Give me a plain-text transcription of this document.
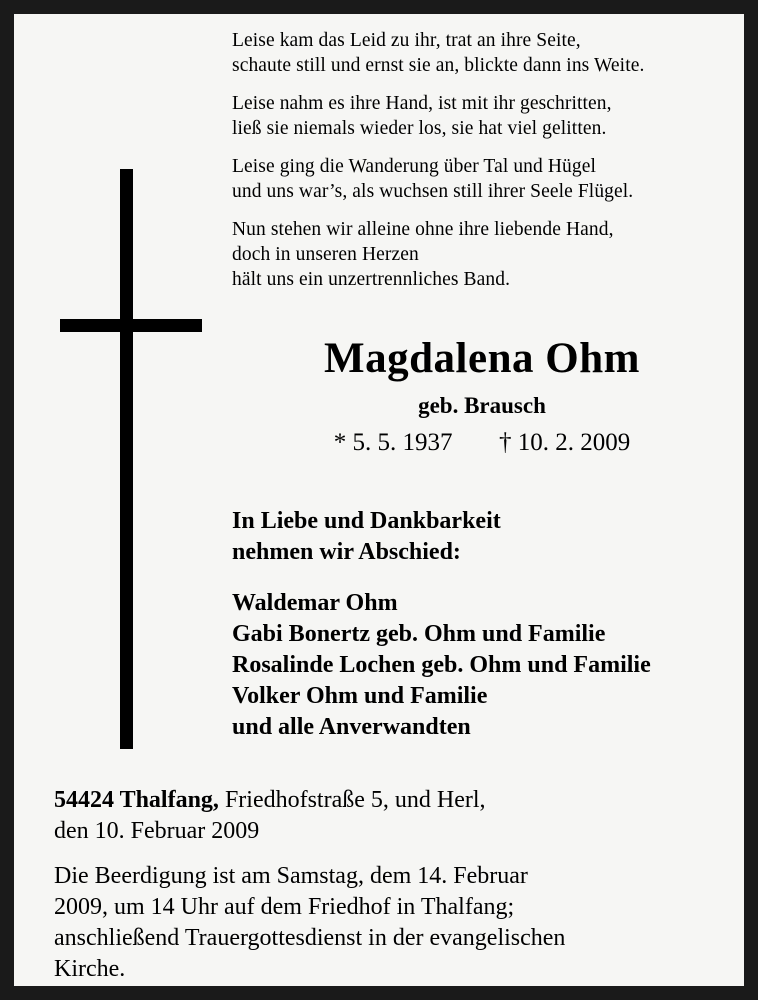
Leise kam das Leid zu ihr, trat an ihre Seite,
schaute still und ernst sie an, blickte dann ins Weite.
Leise nahm es ihre Hand, ist mit ihr geschritten,
ließ sie niemals wieder los, sie hat viel gelitten.
Leise ging die Wanderung über Tal und Hügel
und uns war’s, als wuchsen still ihrer Seele Flügel.
Nun stehen wir alleine ohne ihre liebende Hand,
doch in unseren Herzen
hält uns ein unzertrennliches Band.
Magdalena Ohm
geb. Brausch
* 5. 5. 1937 † 10. 2. 2009
In Liebe und Dankbarkeit
nehmen wir Abschied:
Waldemar Ohm
Gabi Bonertz geb. Ohm und Familie
Rosalinde Lochen geb. Ohm und Familie
Volker Ohm und Familie
und alle Anverwandten
54424 Thalfang, Friedhofstraße 5, und Herl,
den 10. Februar 2009
Die Beerdigung ist am Samstag, dem 14. Februar
2009, um 14 Uhr auf dem Friedhof in Thalfang;
anschließend Trauergottesdienst in der evangelischen
Kirche.
